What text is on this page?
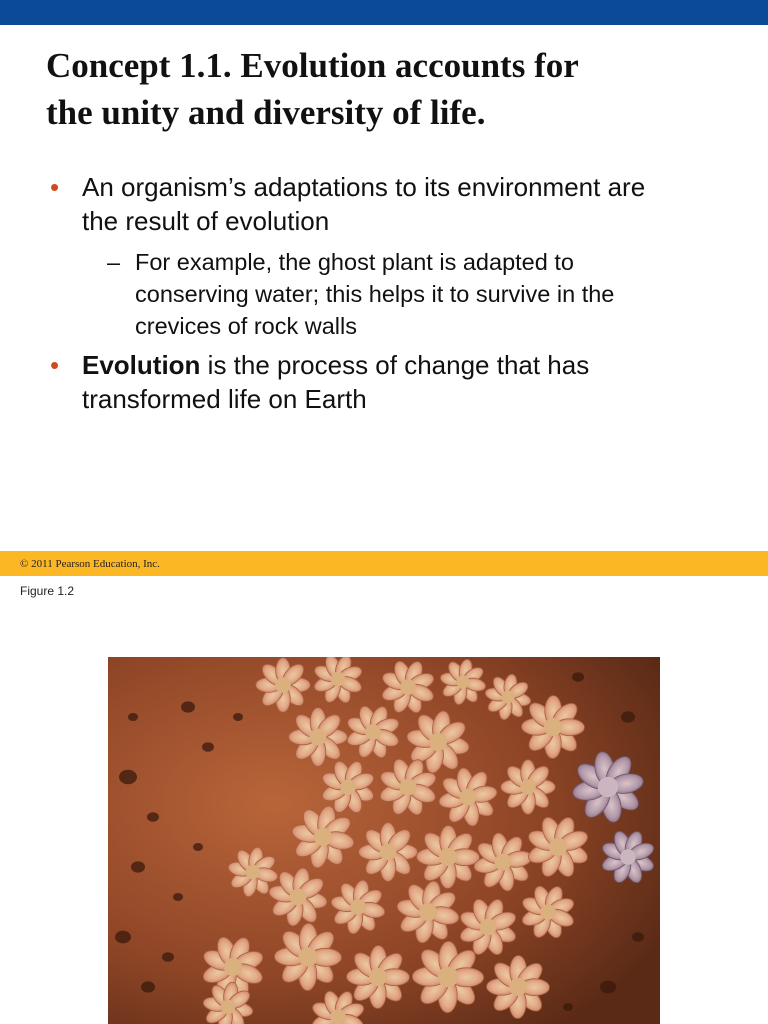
Concept 1.1. Evolution accounts for
the unity and diversity of life.
• An organism’s adaptations to its environment are
the result of evolution
– For example, the ghost plant is adapted to
conserving water; this helps it to survive in the
crevices of rock walls
• Evolution is the process of change that has
transformed life on Earth
© 2011 Pearson Education, Inc.
Figure 1.2
